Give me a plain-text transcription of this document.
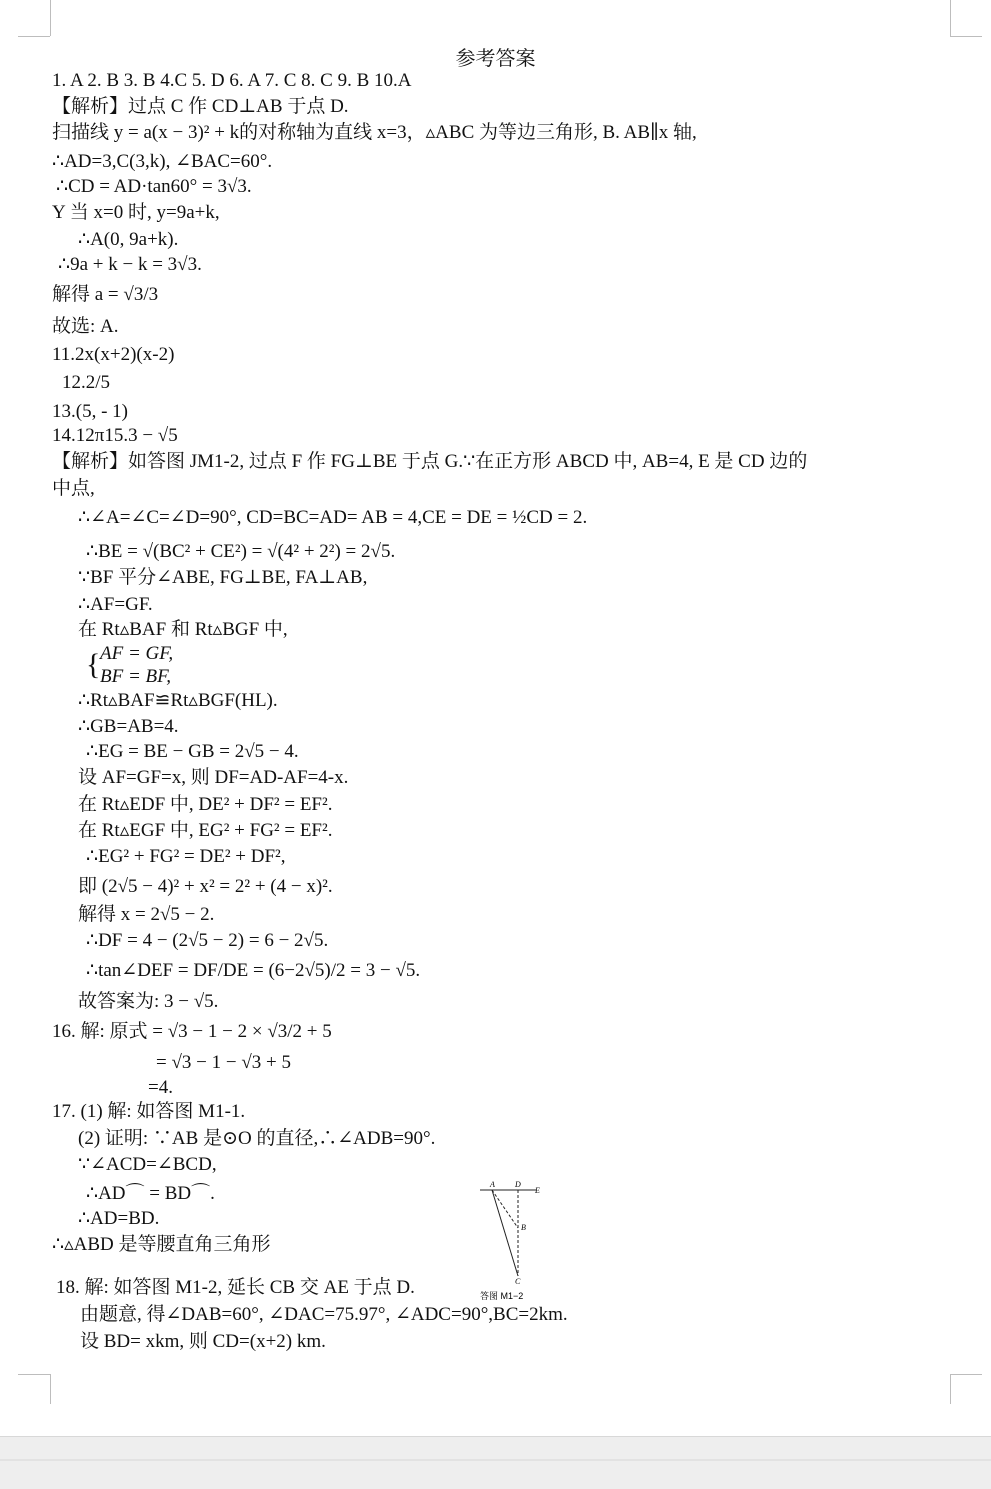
参考答案
1. A 2. B 3. B 4.C 5. D 6. A 7. C 8. C 9. B 10.A
【解析】过点 C 作 CD⊥AB 于点 D.
扫描线 y = a(x − 3)² + k的对称轴为直线 x=3，▵ABC 为等边三角形, B. AB∥x 轴,
∴AD=3,C(3,k), ∠BAC=60°.
∴CD = AD·tan60° = 3√3.
Y 当 x=0 时, y=9a+k,
∴A(0, 9a+k).
∴9a + k − k = 3√3.
解得 a = √3/3
故选: A.
11.2x(x+2)(x-2)
12.2/5
13.(5, - 1)
14.12π15.3 − √5
【解析】如答图 JM1-2, 过点 F 作 FG⊥BE 于点 G.∵在正方形 ABCD 中, AB=4, E 是 CD 边的
中点,
∴∠A=∠C=∠D=90°, CD=BC=AD= AB = 4,CE = DE = ½CD = 2.
∴BE = √(BC² + CE²) = √(4² + 2²) = 2√5.
∵BF 平分∠ABE, FG⊥BE, FA⊥AB,
∴AF=GF.
在 Rt▵BAF 和 Rt▵BGF 中,
{ AF = GF,
BF = BF,
∴Rt▵BAF≌Rt▵BGF(HL).
∴GB=AB=4.
∴EG = BE − GB = 2√5 − 4.
设 AF=GF=x, 则 DF=AD-AF=4-x.
在 Rt▵EDF 中, DE² + DF² = EF².
在 Rt▵EGF 中, EG² + FG² = EF².
∴EG² + FG² = DE² + DF²,
即 (2√5 − 4)² + x² = 2² + (4 − x)².
解得 x = 2√5 − 2.
∴DF = 4 − (2√5 − 2) = 6 − 2√5.
∴tan∠DEF = DF/DE = (6−2√5)/2 = 3 − √5.
故答案为: 3 − √5.
16. 解: 原式 = √3 − 1 − 2 × √3/2 + 5
= √3 − 1 − √3 + 5
=4.
17. (1) 解: 如答图 M1-1.
(2) 证明: ∵AB 是⊙O 的直径,∴∠ADB=90°.
∵∠ACD=∠BCD,
∴AD⌒ = BD⌒.
∴AD=BD.
∴▵ABD 是等腰直角三角形
18. 解: 如答图 M1-2, 延长 CB 交 AE 于点 D.
由题意, 得∠DAB=60°, ∠DAC=75.97°, ∠ADC=90°,BC=2km.
设 BD= xkm, 则 CD=(x+2) km.
A	D
E
B
C
答图 M1−2
